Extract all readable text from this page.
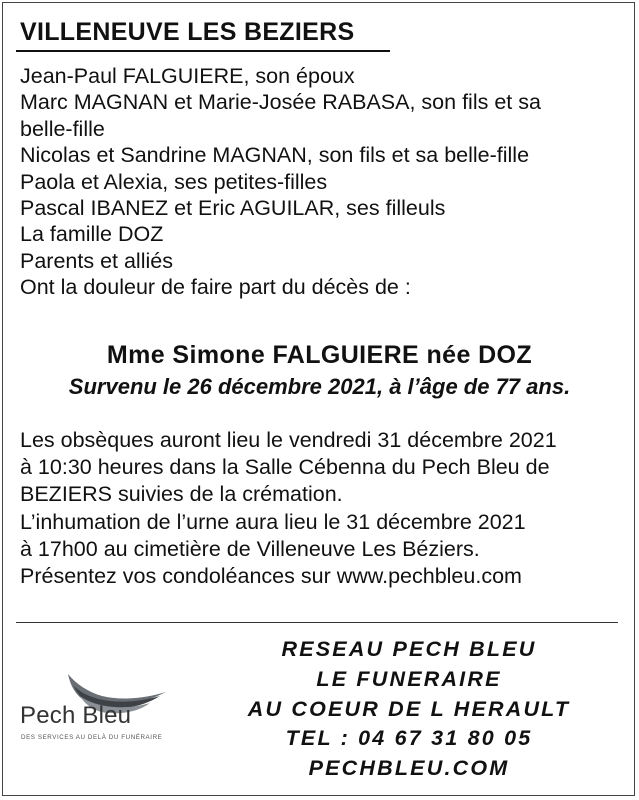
VILLENEUVE LES BEZIERS
Jean-Paul FALGUIERE, son époux
Marc MAGNAN et Marie-Josée RABASA, son fils et sa
belle-fille
Nicolas et Sandrine MAGNAN, son fils et sa belle-fille
Paola et Alexia, ses petites-filles
Pascal IBANEZ et Eric AGUILAR, ses filleuls
La famille DOZ
Parents et alliés
Ont la douleur de faire part du décès de :
Mme Simone FALGUIERE née DOZ
Survenu le 26 décembre 2021, à l’âge de 77 ans.
Les obsèques auront lieu le vendredi 31 décembre 2021
à 10:30 heures dans la Salle Cébenna du Pech Bleu de
BEZIERS suivies de la crémation.
L’inhumation de l’urne aura lieu le 31 décembre 2021
à 17h00 au cimetière de Villeneuve Les Béziers.
Présentez vos condoléances sur www.pechbleu.com
Pech Bleu
DES SERVICES AU DELÀ DU FUNÉRAIRE
RESEAU PECH BLEU
LE FUNERAIRE
AU COEUR DE L HERAULT
TEL : 04 67 31 80 05
PECHBLEU.COM
